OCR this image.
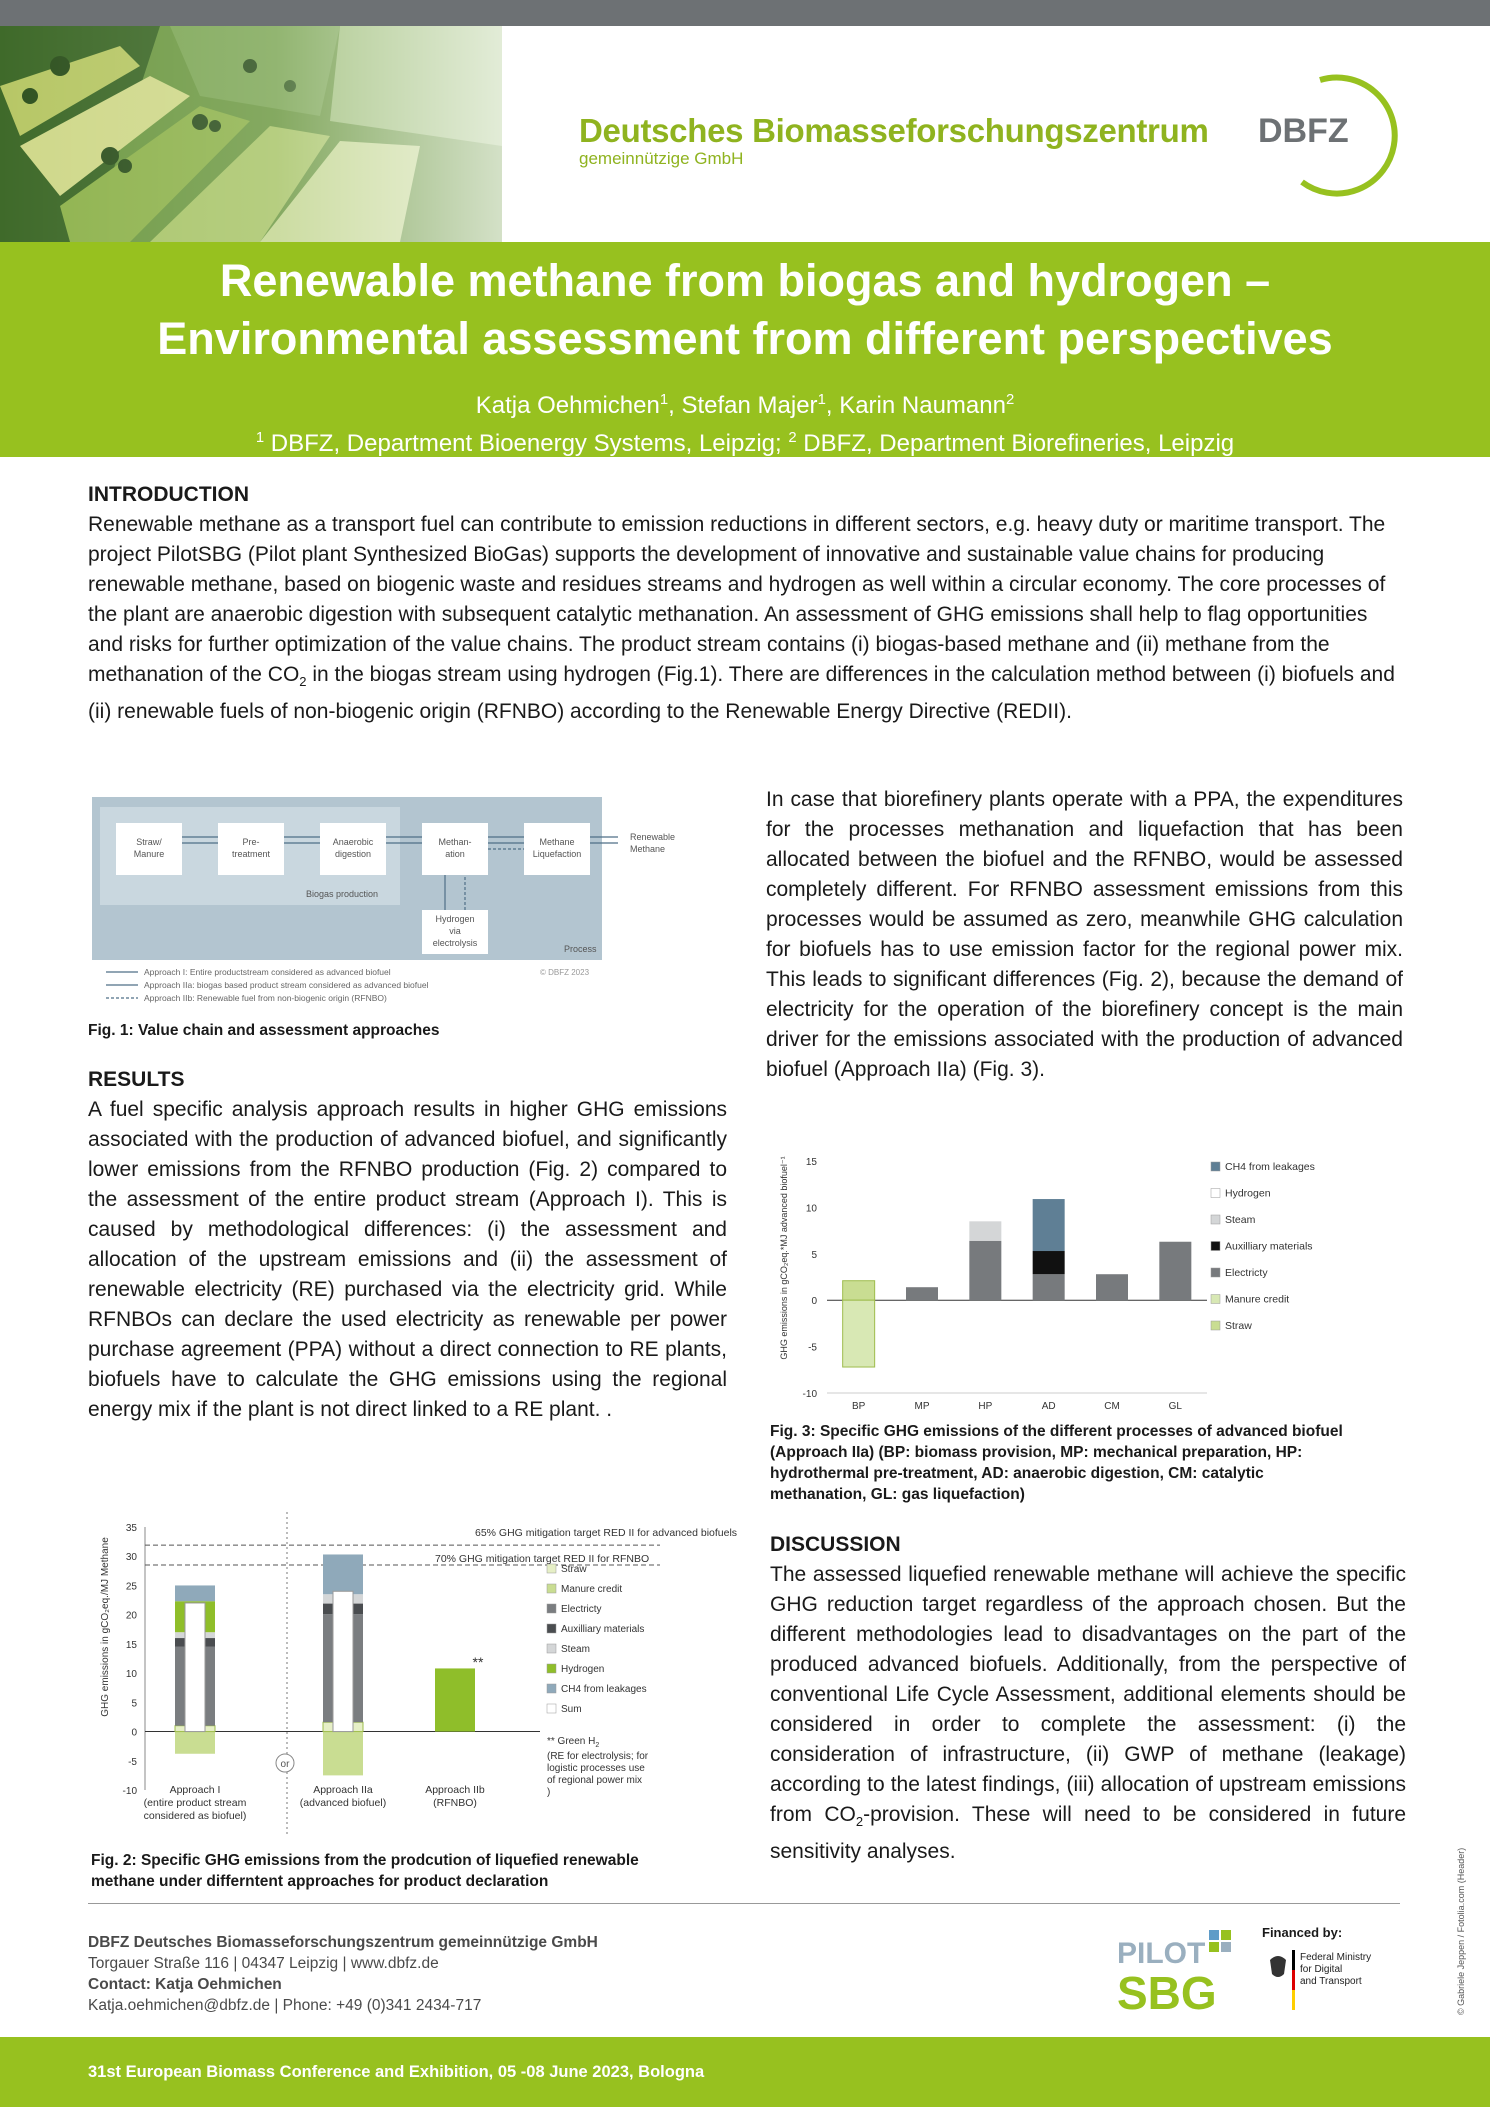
Deutsches Biomasseforschungszentrum
gemeinnützige GmbH
DBFZ
Renewable methane from biogas and hydrogen –
Environmental assessment from different perspectives
Katja Oehmichen$^1$, Stefan Majer$^1$, Karin Naumann$^2$
$^1$ DBFZ, Department Bioenergy Systems, Leipzig; $^2$ DBFZ, Department Biorefineries, Leipzig
INTRODUCTION
Renewable methane as a transport fuel can contribute to emission reductions in different sectors, e.g. heavy duty or maritime transport. The project PilotSBG (Pilot plant Synthesized BioGas) supports the development of innovative and sustainable value chains for producing renewable methane, based on biogenic waste and residues streams and hydrogen as well within a circular economy. The core processes of the plant are anaerobic digestion with subsequent catalytic methanation. An assessment of GHG emissions shall help to flag opportunities and risks for further optimization of the value chains. The product stream contains (i) biogas-based methane and (ii) methane from the methanation of the $CO_2$ in the biogas stream using hydrogen (Fig.1). There are differences in the calculation method between (i) biofuels and (ii) renewable fuels of non-biogenic origin (RFNBO) according to the Renewable Energy Directive (REDII).
Straw/
Manure
Pre-
treatment
Anaerobic
digestion
Methan-
ation
Methane
Liquefaction
Renewable
Methane
Biogas production
Hydrogen
via
electrolysis
Process
Approach I: Entire productstream considered as advanced biofuel
Approach IIa: biogas based product stream considered as advanced biofuel
Approach IIb: Renewable fuel from non-biogenic origin (RFNBO)
© DBFZ 2023
Fig. 1: Value chain and assessment approaches
RESULTS
A fuel specific analysis approach results in higher GHG emissions associated with the production of advanced biofuel, and significantly lower emissions from the RFNBO production (Fig. 2) compared to the assessment of the entire product stream (Approach I). This is caused by methodological differences: (i) the assessment and allocation of the upstream emissions and (ii) the assessment of renewable electricity (RE) purchased via the electricity grid. While RFNBOs can declare the used electricity as renewable per power purchase agreement (PPA) without a direct connection to RE plants, biofuels have to calculate the GHG emissions using the regional energy mix if the plant is not direct linked to a RE plant. .
GHG emissions in gCO₂eq./MJ Methane
-10
-5
0
5
10
15
20
25
30
35
Approach I
(entire product stream
considered as biofuel)
Approach IIa
(advanced biofuel)
Approach IIb
(RFNBO)
Straw
Manure credit
Electricty
Auxilliary materials
Steam
Hydrogen
CH4 from leakages
Sum
65% GHG mitigation target RED II for advanced biofuels
70% GHG mitigation target RED II for RFNBO
or
**
** Green $H_2$
(RE for electrolysis; for
logistic processes use
of regional power mix
)
Fig. 2: Specific GHG emissions from the prodcution of liquefied renewable
methane under differntent approaches for product declaration
In case that biorefinery plants operate with a PPA, the expenditures for the processes methanation and liquefaction that has been allocated between the biofuel and the RFNBO, would be assessed completely different. For RFNBO assessment emissions from this processes would be assumed as zero, meanwhile GHG calculation for biofuels has to use emission factor for the regional power mix. This leads to significant differences (Fig. 2), because the demand of electricity for the operation of the biorefinery concept is the main driver for the emissions associated with the production of advanced biofuel (Approach IIa) (Fig. 3).
GHG emissions in gCO₂eq.*MJ advanced biofuel⁻¹
-10
-5
0
5
10
15
BP	MP	HP	AD	CM	GL
CH4 from leakages
Hydrogen
Steam
Auxilliary materials
Electricty
Manure credit
Straw
Fig. 3: Specific GHG emissions of the different processes of advanced biofuel
(Approach IIa) (BP: biomass provision, MP: mechanical preparation, HP:
hydrothermal pre-treatment, AD: anaerobic digestion, CM: catalytic
methanation, GL: gas liquefaction)
DISCUSSION
The assessed liquefied renewable methane will achieve the specific GHG reduction target regardless of the approach chosen. But the different methodologies lead to disadvantages on the part of the produced advanced biofuels. Additionally, from the perspective of conventional Life Cycle Assessment, additional elements should be considered in order to complete the assessment: (i) the consideration of infrastructure, (ii) GWP of methane (leakage) according to the latest findings, (iii) allocation of upstream emissions from $CO_2$-provision. These will need to be considered in future sensitivity analyses.
DBFZ Deutsches Biomasseforschungszentrum gemeinnützige GmbH
Torgauer Straße 116 | 04347 Leipzig | www.dbfz.de
Contact: Katja Oehmichen
Katja.oehmichen@dbfz.de | Phone: +49 (0)341 2434-717
PILOT
SBG
Financed by:
Federal Ministry
for Digital
and Transport	© Gabriele Jeppen / Fotolia.com (Header)
31st European Biomass Conference and Exhibition, 05 -08 June 2023, Bologna
